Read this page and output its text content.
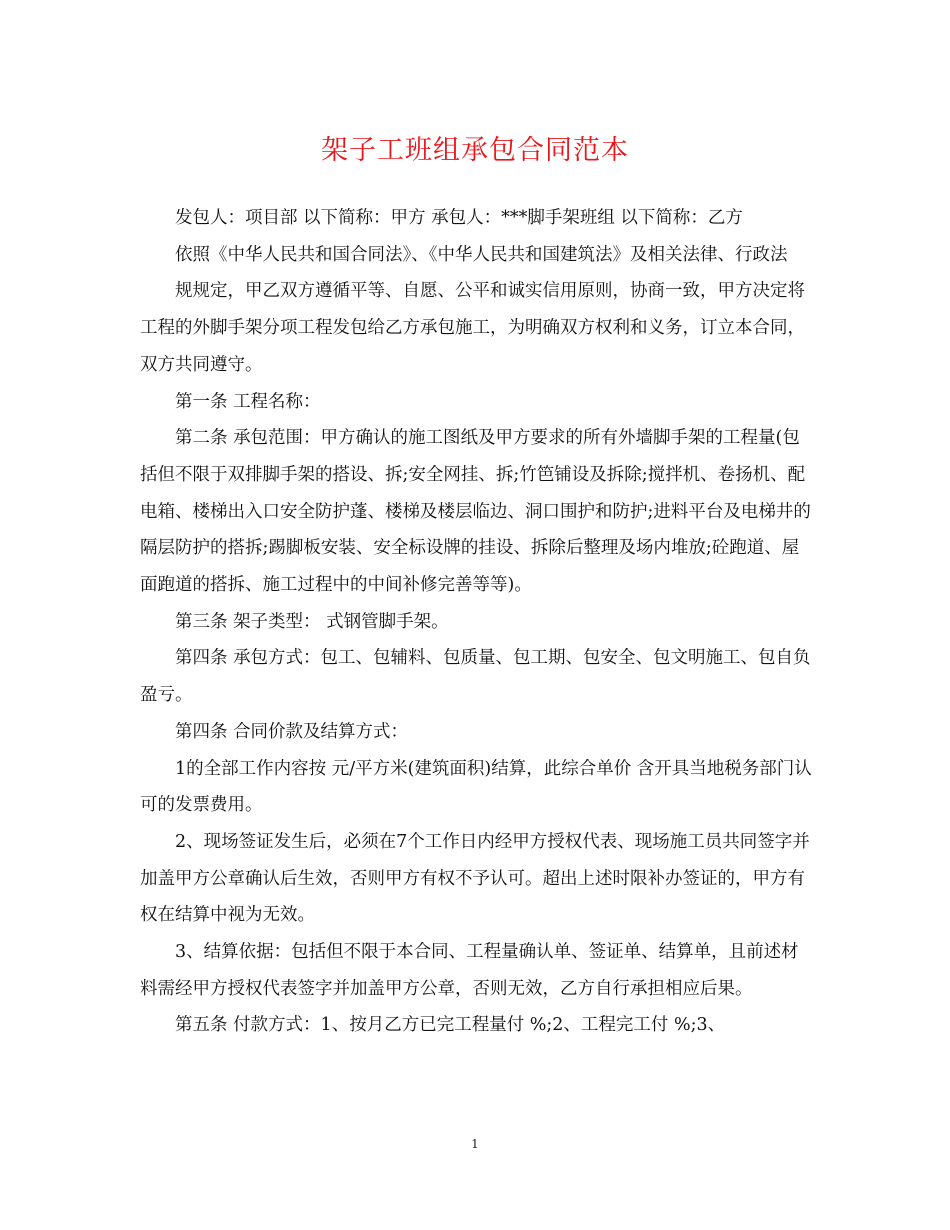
架子工班组承包合同范本

发包人：项目部 以下简称：甲方 承包人：***脚手架班组 以下简称：乙方

依照《中华人民共和国合同法》、《中华人民共和国建筑法》及相关法律、行政法

规规定，甲乙双方遵循平等、自愿、公平和诚实信用原则，协商一致，甲方决定将 工程的外脚手架分项工程发包给乙方承包施工，为明确双方权利和义务，订立本合同，双方共同遵守。

第一条 工程名称：

第二条 承包范围：甲方确认的施工图纸及甲方要求的所有外墙脚手架的工程量(包括但不限于双排脚手架的搭设、拆;安全网挂、拆;竹笆铺设及拆除;搅拌机、卷扬机、配电箱、楼梯出入口安全防护蓬、楼梯及楼层临边、洞口围护和防护;进料平台及电梯井的隔层防护的搭拆;踢脚板安装、安全标设牌的挂设、拆除后整理及场内堆放;砼跑道、屋面跑道的搭拆、施工过程中的中间补修完善等等)。

第三条 架子类型： 式钢管脚手架。

第四条 承包方式：包工、包辅料、包质量、包工期、包安全、包文明施工、包自负盈亏。

第四条 合同价款及结算方式：

1的全部工作内容按 元/平方米(建筑面积)结算，此综合单价 含开具当地税务部门认可的发票费用。

2、现场签证发生后，必须在7个工作日内经甲方授权代表、现场施工员共同签字并加盖甲方公章确认后生效，否则甲方有权不予认可。超出上述时限补办签证的，甲方有权在结算中视为无效。

3、结算依据：包括但不限于本合同、工程量确认单、签证单、结算单，且前述材料需经甲方授权代表签字并加盖甲方公章，否则无效，乙方自行承担相应后果。

第五条 付款方式：1、按月乙方已完工程量付 %;2、工程完工付 %;3、

1
